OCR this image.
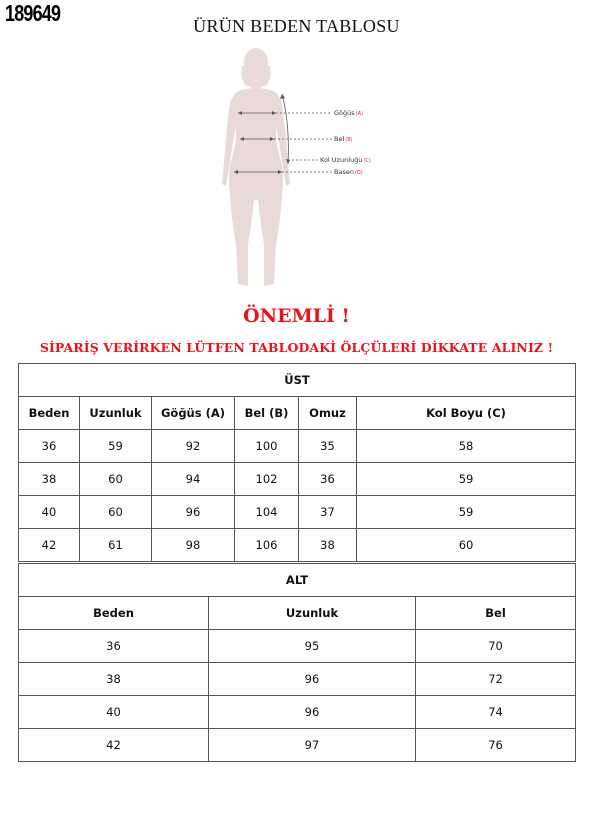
189649	ÜRÜN BEDEN TABLOSU
Göğüs(A)
Bel(B)
Kol Uzunluğu(C)
Basen(D)
ÖNEMLİ !
SİPARİŞ VERİRKEN LÜTFEN TABLODAKİ ÖLÇÜLERİ DİKKATE ALINIZ !
ÜST					
Beden	Uzunluk	Göğüs (A)	Bel (B)	Omuz	Kol Boyu (C)
36	59	92	100	35	58
38	60	94	102	36	59
40	60	96	104	37	59
42	61	98	106	38	60
ALT		
Beden	Uzunluk	Bel
36	95	70
38	96	72
40	96	74
42	97	76
